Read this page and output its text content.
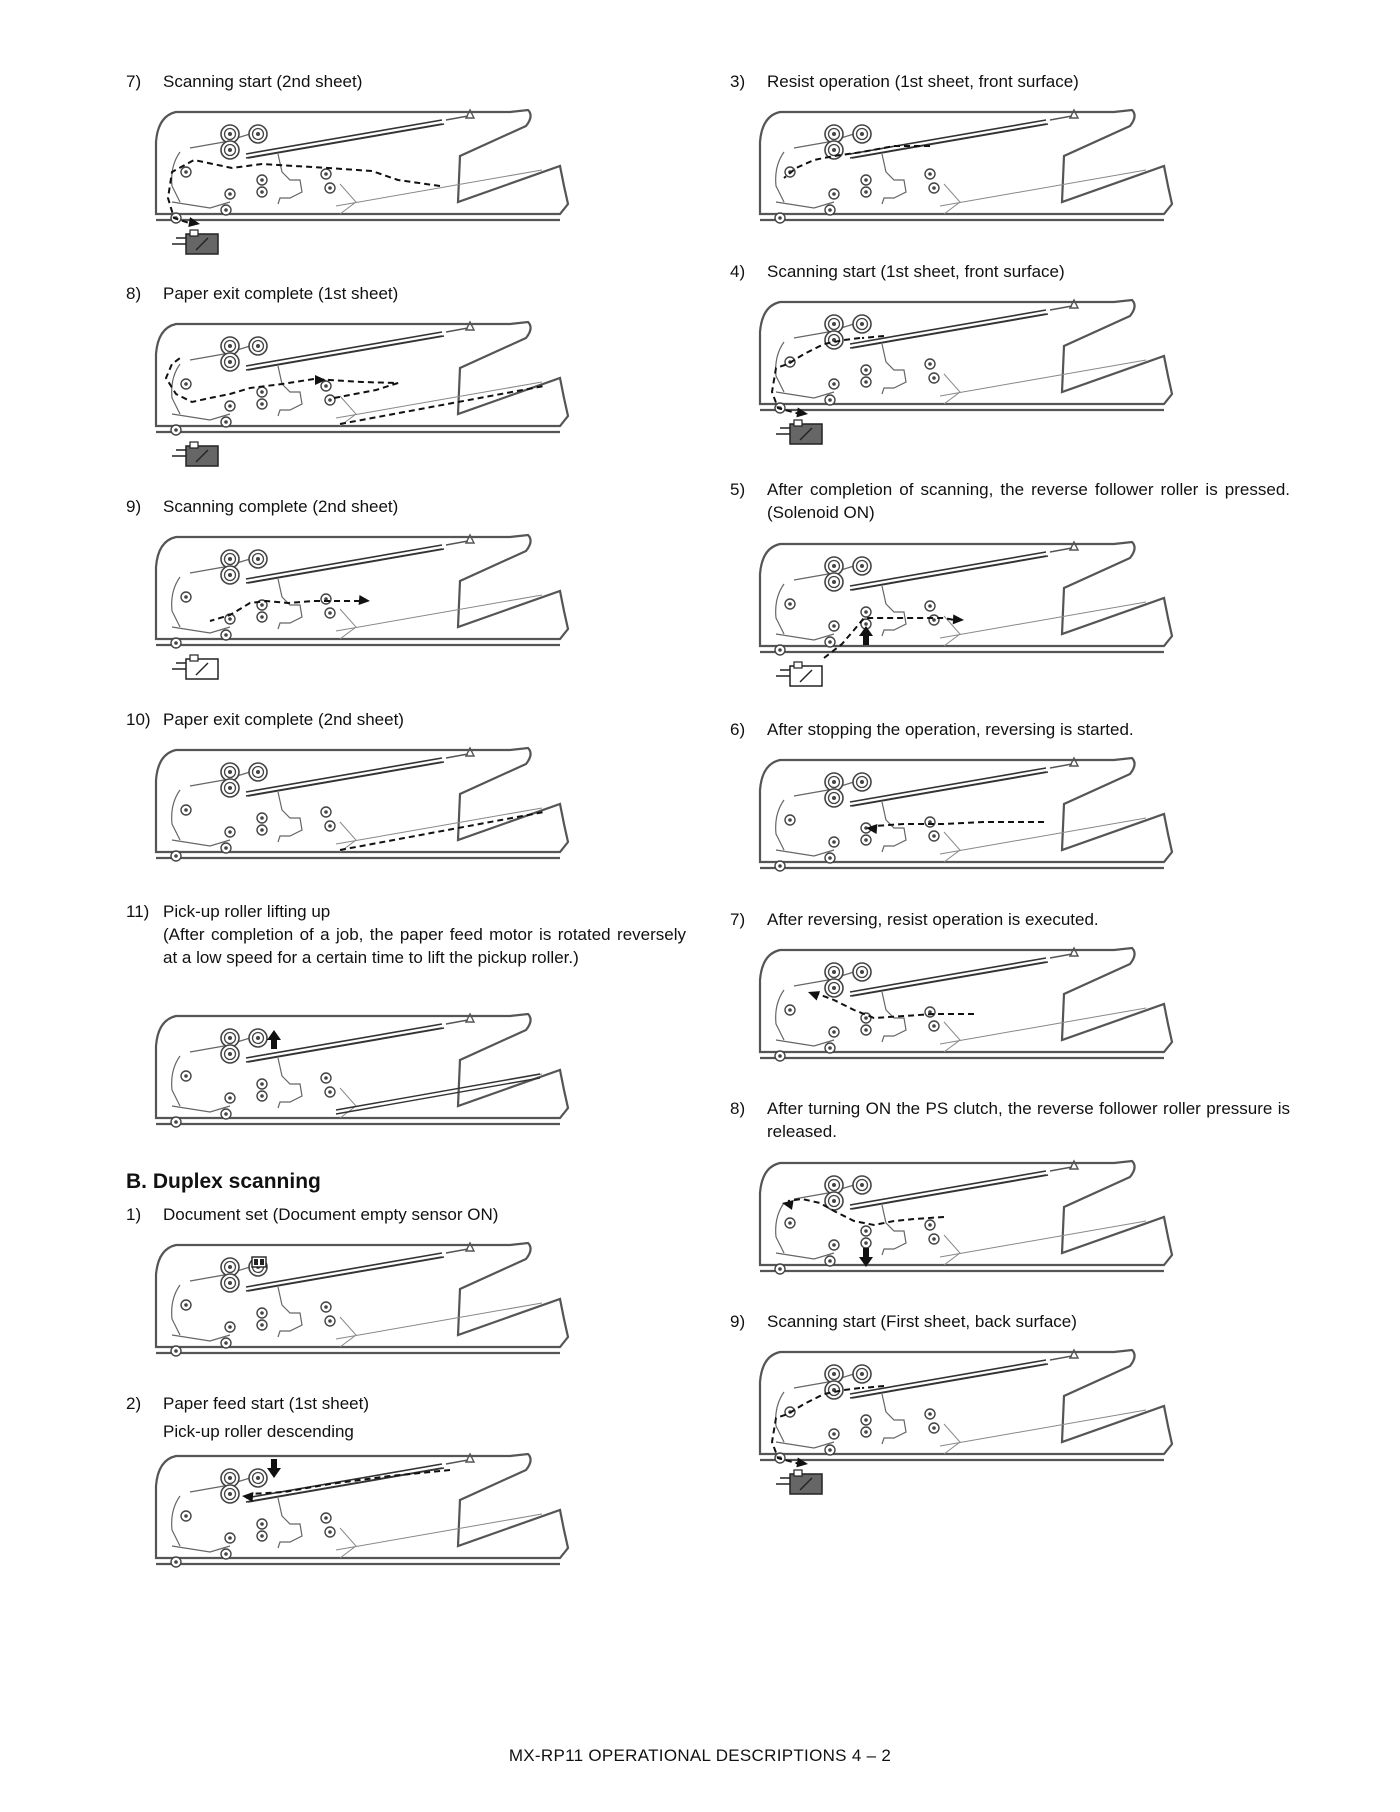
7)	Scanning start (2nd sheet)
8)	Paper exit complete (1st sheet)
9)	Scanning complete (2nd sheet)
10) Paper exit complete (2nd sheet)
11) Pick-up roller lifting up
(After completion of a job, the paper feed motor is rotated reversely at a low speed for a certain time to lift the pickup roller.)
B. Duplex scanning
1)	Document set (Document empty sensor ON)
2)	Paper feed start (1st sheet)
Pick-up roller descending
3)	Resist operation (1st sheet, front surface)
4)	Scanning start (1st sheet, front surface)
5)	After completion of scanning, the reverse follower roller is pressed. (Solenoid ON)
6)	After stopping the operation, reversing is started.
7)	After reversing, resist operation is executed.
8)	After turning ON the PS clutch, the reverse follower roller pressure is released.
9)	Scanning start (First sheet, back surface)
MX-RP11 OPERATIONAL DESCRIPTIONS 4 – 2
